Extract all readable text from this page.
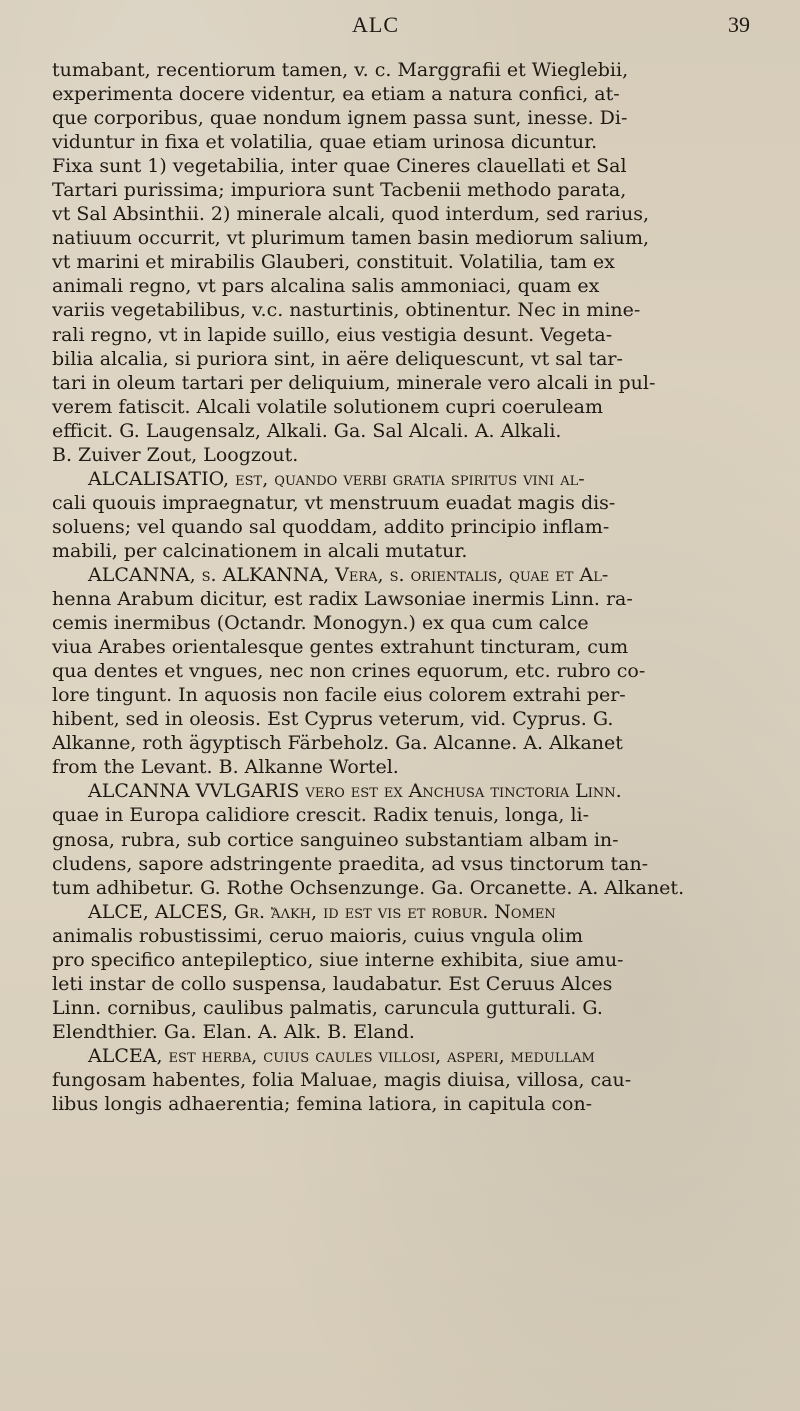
ALC	39
tumabant, recentiorum tamen, v. c. Marggrafii et Wieglebii,
experimenta docere videntur, ea etiam a natura confici, at-
que corporibus, quae nondum ignem passa sunt, inesse. Di-
viduntur in fixa et volatilia, quae etiam urinosa dicuntur.
Fixa sunt 1) vegetabilia, inter quae Cineres clauellati et Sal
Tartari purissima; impuriora sunt Tacbenii methodo parata,
vt Sal Absinthii. 2) minerale alcali, quod interdum, sed rarius,
natiuum occurrit, vt plurimum tamen basin mediorum salium,
vt marini et mirabilis Glauberi, constituit. Volatilia, tam ex
animali regno, vt pars alcalina salis ammoniaci, quam ex
variis vegetabilibus, v.c. nasturtinis, obtinentur. Nec in mine-
rali regno, vt in lapide suillo, eius vestigia desunt. Vegeta-
bilia alcalia, si puriora sint, in aëre deliquescunt, vt sal tar-
tari in oleum tartari per deliquium, minerale vero alcali in pul-
verem fatiscit. Alcali volatile solutionem cupri coeruleam
efficit. G. Laugensalz, Alkali. Ga. Sal Alcali. A. Alkali.
B. Zuiver Zout, Loogzout.
ALCALISATIO, est, quando verbi gratia spiritus vini al-
cali quouis impraegnatur, vt menstruum euadat magis dis-
soluens; vel quando sal quoddam, addito principio inflam-
mabili, per calcinationem in alcali mutatur.
ALCANNA, s. ALKANNA, Vera, s. orientalis, quae et Al-
henna Arabum dicitur, est radix Lawsoniae inermis Linn. ra-
cemis inermibus (Octandr. Monogyn.) ex qua cum calce
viua Arabes orientalesque gentes extrahunt tincturam, cum
qua dentes et vngues, nec non crines equorum, etc. rubro co-
lore tingunt. In aquosis non facile eius colorem extrahi per-
hibent, sed in oleosis. Est Cyprus veterum, vid. Cyprus. G.
Alkanne, roth ägyptisch Färbeholz. Ga. Alcanne. A. Alkanet
from the Levant. B. Alkanne Wortel.
ALCANNA VVLGARIS vero est ex Anchusa tinctoria Linn.
quae in Europa calidiore crescit. Radix tenuis, longa, li-
gnosa, rubra, sub cortice sanguineo substantiam albam in-
cludens, sapore adstringente praedita, ad vsus tinctorum tan-
tum adhibetur. G. Rothe Ochsenzunge. Ga. Orcanette. A. Alkanet.
ALCE, ALCES, Gr. ἄλκη, id est vis et robur. Nomen
animalis robustissimi, ceruo maioris, cuius vngula olim
pro specifico antepileptico, siue interne exhibita, siue amu-
leti instar de collo suspensa, laudabatur. Est Ceruus Alces
Linn. cornibus, caulibus palmatis, caruncula gutturali. G.
Elendthier. Ga. Elan. A. Alk. B. Eland.
ALCEA, est herba, cuius caules villosi, asperi, medullam
fungosam habentes, folia Maluae, magis diuisa, villosa, cau-
libus longis adhaerentia; femina latiora, in capitula con-
